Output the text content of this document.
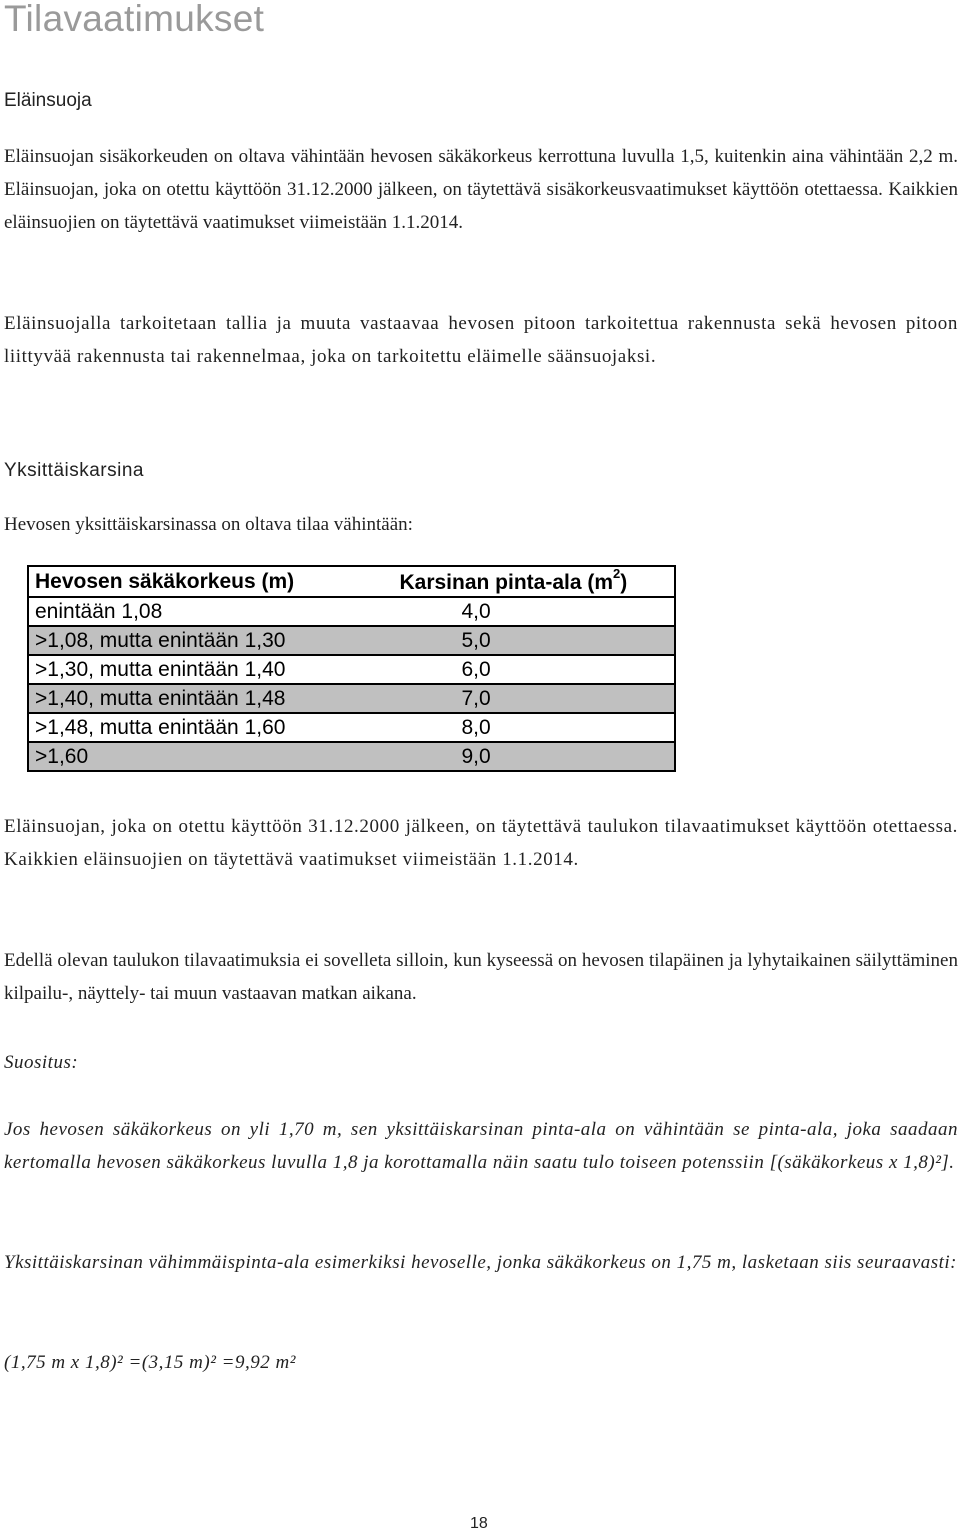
Tilavaatimukset
Eläinsuoja

Eläinsuojan sisäkorkeuden on oltava vähintään hevosen säkäkorkeus kerrottuna luvulla 1,5, kuitenkin aina vähintään 2,2 m. Eläinsuojan, joka on otettu käyttöön 31.12.2000 jälkeen, on täytettävä sisäkorkeusvaatimukset käyttöön otettaessa. Kaikkien eläinsuojien on täytettävä vaatimukset viimeistään 1.1.2014.

Eläinsuojalla tarkoitetaan tallia ja muuta vastaavaa hevosen pitoon tarkoitettua rakennusta sekä hevosen pitoon liittyvää rakennusta tai rakennelmaa, joka on tarkoitettu eläimelle säänsuojaksi.

Yksittäiskarsina

Hevosen yksittäiskarsinassa on oltava tilaa vähintään:

Hevosen säkäkorkeus (m)	Karsinan pinta-ala $(m^2)$
enintään 1,08	4,0
>1,08, mutta enintään 1,30	5,0
>1,30, mutta enintään 1,40	6,0
>1,40, mutta enintään 1,48	7,0
>1,48, mutta enintään 1,60	8,0
>1,60	9,0

Eläinsuojan, joka on otettu käyttöön 31.12.2000 jälkeen, on täytettävä taulukon tilavaatimukset käyttöön otettaessa. Kaikkien eläinsuojien on täytettävä vaatimukset viimeistään 1.1.2014.

Edellä olevan taulukon tilavaatimuksia ei sovelleta silloin, kun kyseessä on hevosen tilapäinen ja lyhytaikainen säilyttäminen kilpailu-, näyttely- tai muun vastaavan matkan aikana.

Suositus:

Jos hevosen säkäkorkeus on yli 1,70 m, sen yksittäiskarsinan pinta-ala on vähintään se pinta-ala, joka saadaan kertomalla hevosen säkäkorkeus luvulla 1,8 ja korottamalla näin saatu tulo toiseen potenssiin [(säkäkorkeus x 1,8)²].

Yksittäiskarsinan vähimmäispinta-ala esimerkiksi hevoselle, jonka säkäkorkeus on 1,75 m, lasketaan siis seuraavasti:

(1,75 m x 1,8)² =(3,15 m)² =9,92 m²

18
